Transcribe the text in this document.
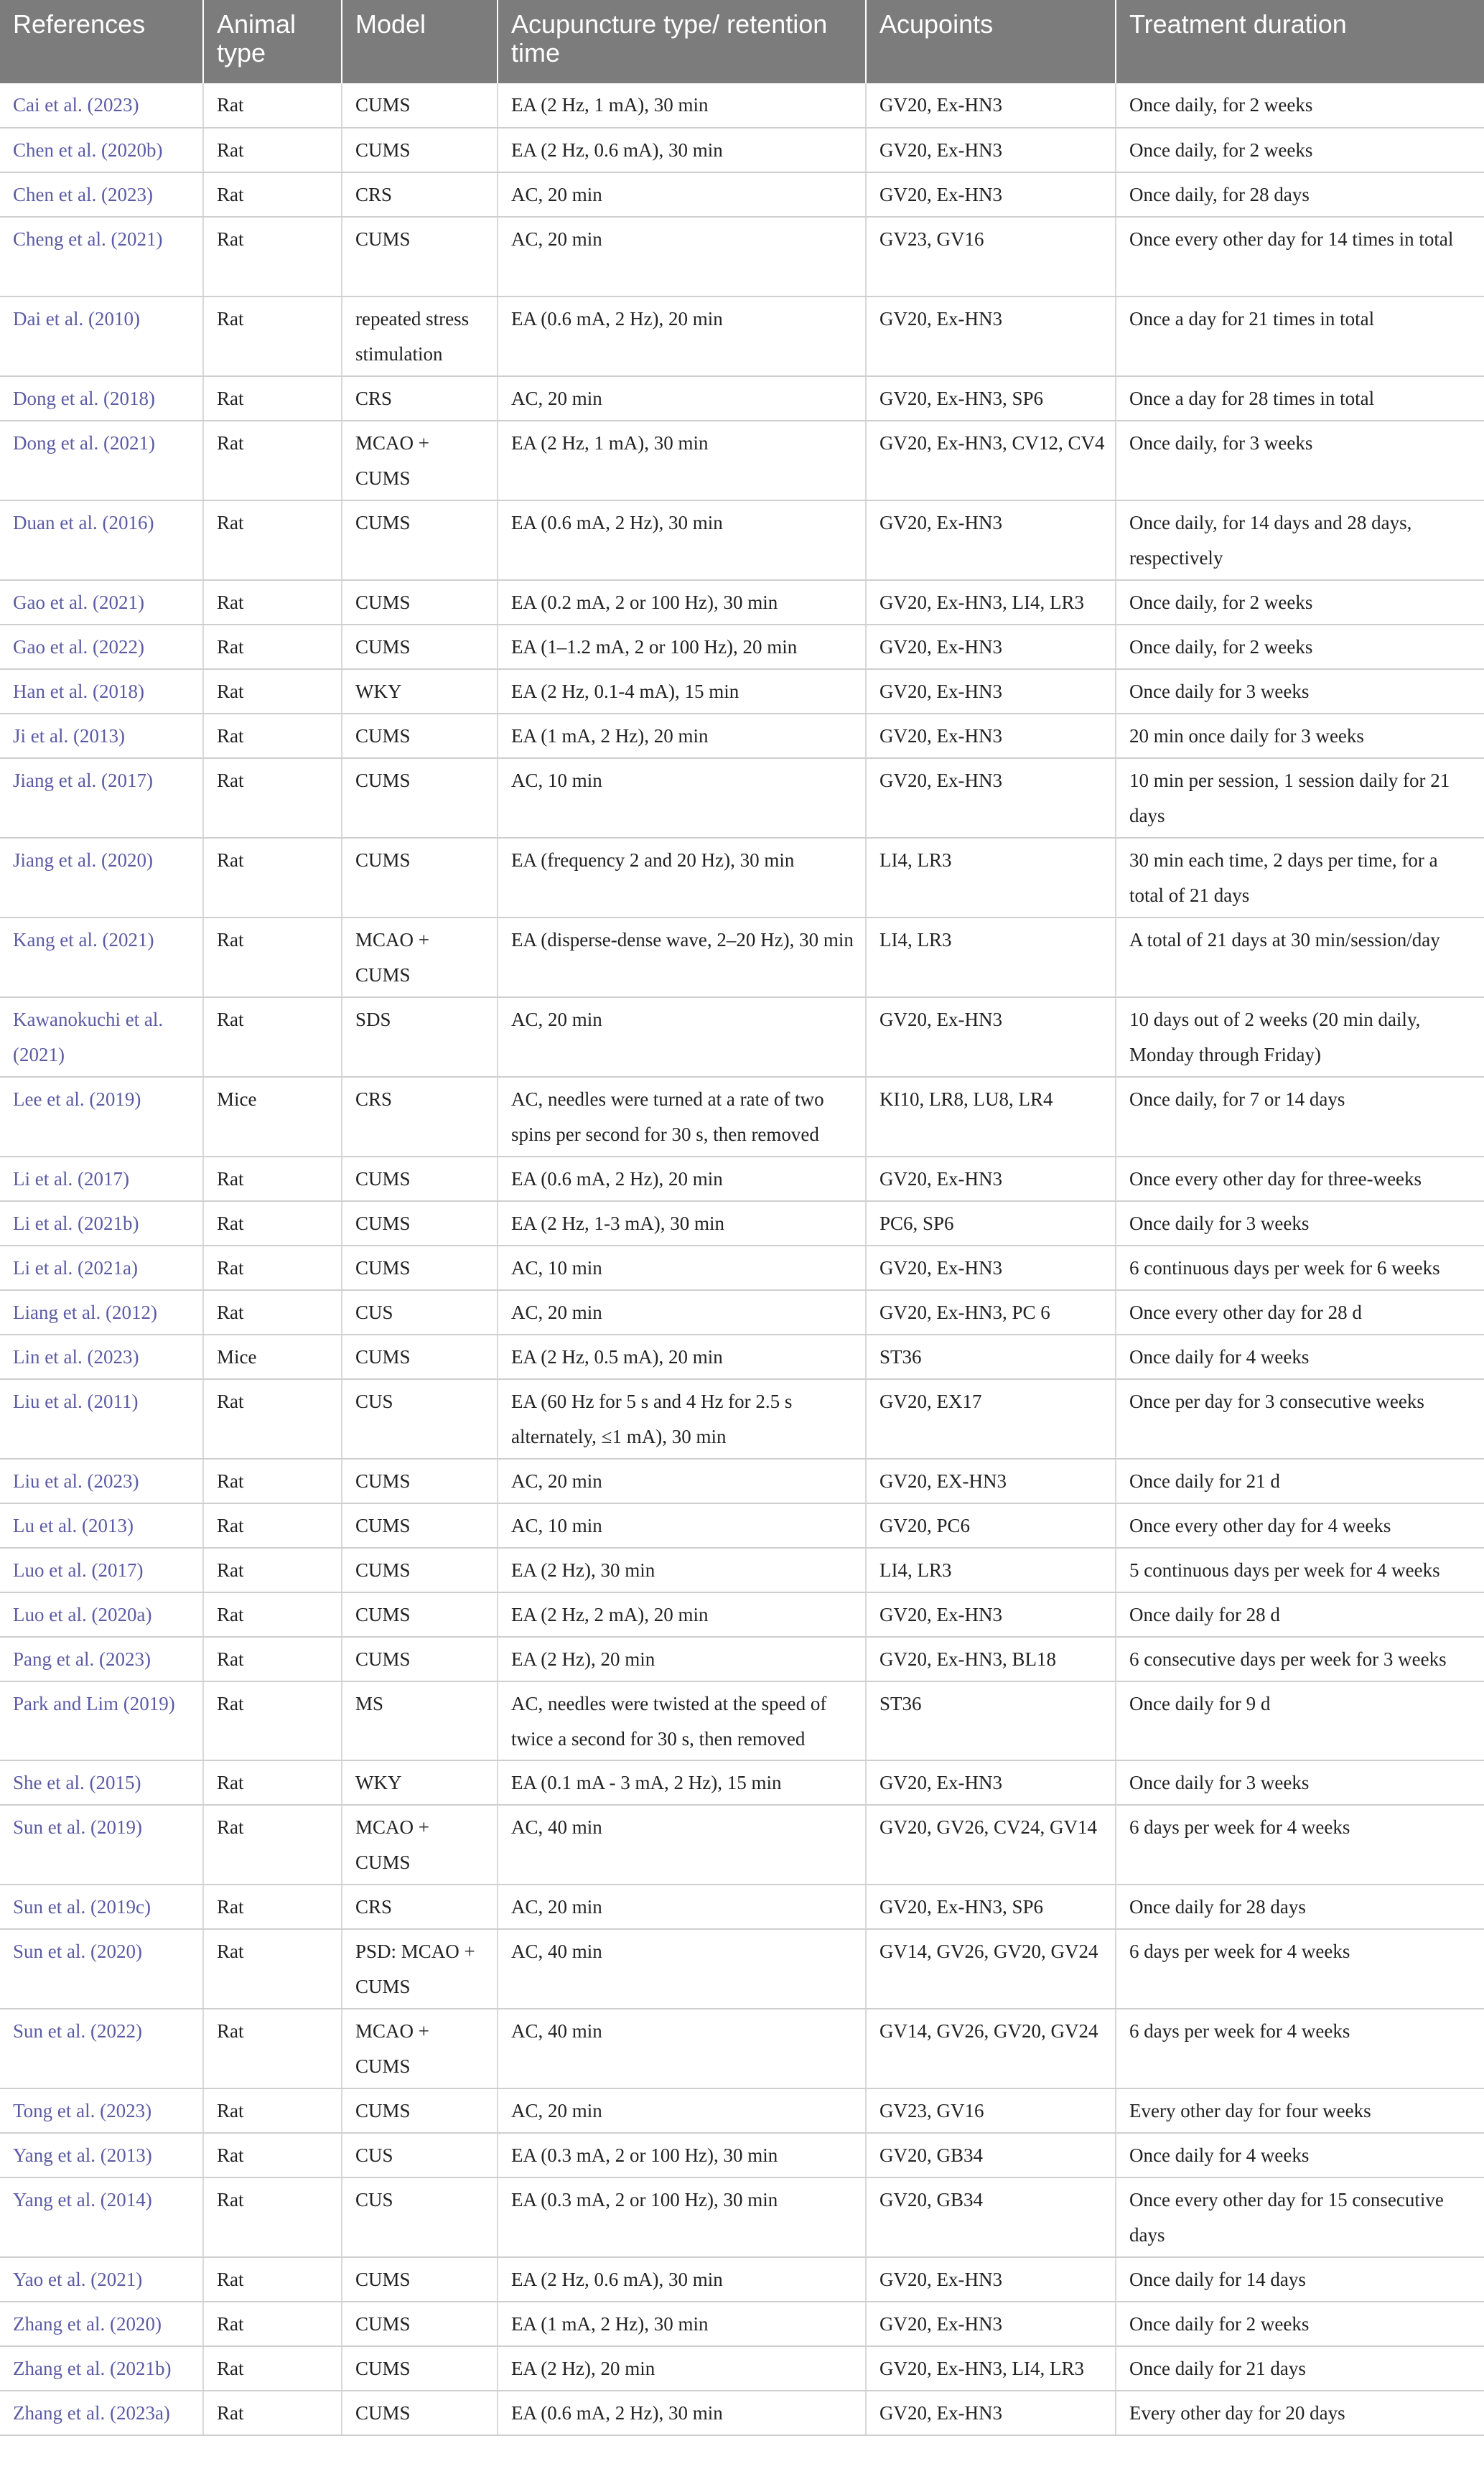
References	Animal type	Model	Acupuncture type/ retention time	Acupoints	Treatment duration
Cai et al. (2023)	Rat	CUMS	EA (2 Hz, 1 mA), 30 min	GV20, Ex-HN3	Once daily, for 2 weeks
Chen et al. (2020b)	Rat	CUMS	EA (2 Hz, 0.6 mA), 30 min	GV20, Ex-HN3	Once daily, for 2 weeks
Chen et al. (2023)	Rat	CRS	AC, 20 min	GV20, Ex-HN3	Once daily, for 28 days
Cheng et al. (2021)	Rat	CUMS	AC, 20 min	GV23, GV16	Once every other day for 14 times in total
Dai et al. (2010)	Rat	repeated stress stimulation	EA (0.6 mA, 2 Hz), 20 min	GV20, Ex-HN3	Once a day for 21 times in total
Dong et al. (2018)	Rat	CRS	AC, 20 min	GV20, Ex-HN3, SP6	Once a day for 28 times in total
Dong et al. (2021)	Rat	MCAO + CUMS	EA (2 Hz, 1 mA), 30 min	GV20, Ex-HN3, CV12, CV4	Once daily, for 3 weeks
Duan et al. (2016)	Rat	CUMS	EA (0.6 mA, 2 Hz), 30 min	GV20, Ex-HN3	Once daily, for 14 days and 28 days, respectively
Gao et al. (2021)	Rat	CUMS	EA (0.2 mA, 2 or 100 Hz), 30 min	GV20, Ex-HN3, LI4, LR3	Once daily, for 2 weeks
Gao et al. (2022)	Rat	CUMS	EA (1–1.2 mA, 2 or 100 Hz), 20 min	GV20, Ex-HN3	Once daily, for 2 weeks
Han et al. (2018)	Rat	WKY	EA (2 Hz, 0.1-4 mA), 15 min	GV20, Ex-HN3	Once daily for 3 weeks
Ji et al. (2013)	Rat	CUMS	EA (1 mA, 2 Hz), 20 min	GV20, Ex-HN3	20 min once daily for 3 weeks
Jiang et al. (2017)	Rat	CUMS	AC, 10 min	GV20, Ex-HN3	10 min per session, 1 session daily for 21 days
Jiang et al. (2020)	Rat	CUMS	EA (frequency 2 and 20 Hz), 30 min	LI4, LR3	30 min each time, 2 days per time, for a total of 21 days
Kang et al. (2021)	Rat	MCAO + CUMS	EA (disperse-dense wave, 2–20 Hz), 30 min	LI4, LR3	A total of 21 days at 30 min/session/day
Kawanokuchi et al. (2021)	Rat	SDS	AC, 20 min	GV20, Ex-HN3	10 days out of 2 weeks (20 min daily, Monday through Friday)
Lee et al. (2019)	Mice	CRS	AC, needles were turned at a rate of two spins per second for 30 s, then removed	KI10, LR8, LU8, LR4	Once daily, for 7 or 14 days
Li et al. (2017)	Rat	CUMS	EA (0.6 mA, 2 Hz), 20 min	GV20, Ex-HN3	Once every other day for three-weeks
Li et al. (2021b)	Rat	CUMS	EA (2 Hz, 1-3 mA), 30 min	PC6, SP6	Once daily for 3 weeks
Li et al. (2021a)	Rat	CUMS	AC, 10 min	GV20, Ex-HN3	6 continuous days per week for 6 weeks
Liang et al. (2012)	Rat	CUS	AC, 20 min	GV20, Ex-HN3, PC 6	Once every other day for 28 d
Lin et al. (2023)	Mice	CUMS	EA (2 Hz, 0.5 mA), 20 min	ST36	Once daily for 4 weeks
Liu et al. (2011)	Rat	CUS	EA (60 Hz for 5 s and 4 Hz for 2.5 s alternately, ≤1 mA), 30 min	GV20, EX17	Once per day for 3 consecutive weeks
Liu et al. (2023)	Rat	CUMS	AC, 20 min	GV20, EX-HN3	Once daily for 21 d
Lu et al. (2013)	Rat	CUMS	AC, 10 min	GV20, PC6	Once every other day for 4 weeks
Luo et al. (2017)	Rat	CUMS	EA (2 Hz), 30 min	LI4, LR3	5 continuous days per week for 4 weeks
Luo et al. (2020a)	Rat	CUMS	EA (2 Hz, 2 mA), 20 min	GV20, Ex-HN3	Once daily for 28 d
Pang et al. (2023)	Rat	CUMS	EA (2 Hz), 20 min	GV20, Ex-HN3, BL18	6 consecutive days per week for 3 weeks
Park and Lim (2019)	Rat	MS	AC, needles were twisted at the speed of twice a second for 30 s, then removed	ST36	Once daily for 9 d
She et al. (2015)	Rat	WKY	EA (0.1 mA - 3 mA, 2 Hz), 15 min	GV20, Ex-HN3	Once daily for 3 weeks
Sun et al. (2019)	Rat	MCAO + CUMS	AC, 40 min	GV20, GV26, CV24, GV14	6 days per week for 4 weeks
Sun et al. (2019c)	Rat	CRS	AC, 20 min	GV20, Ex-HN3, SP6	Once daily for 28 days
Sun et al. (2020)	Rat	PSD: MCAO + CUMS	AC, 40 min	GV14, GV26, GV20, GV24	6 days per week for 4 weeks
Sun et al. (2022)	Rat	MCAO + CUMS	AC, 40 min	GV14, GV26, GV20, GV24	6 days per week for 4 weeks
Tong et al. (2023)	Rat	CUMS	AC, 20 min	GV23, GV16	Every other day for four weeks
Yang et al. (2013)	Rat	CUS	EA (0.3 mA, 2 or 100 Hz), 30 min	GV20, GB34	Once daily for 4 weeks
Yang et al. (2014)	Rat	CUS	EA (0.3 mA, 2 or 100 Hz), 30 min	GV20, GB34	Once every other day for 15 consecutive days
Yao et al. (2021)	Rat	CUMS	EA (2 Hz, 0.6 mA), 30 min	GV20, Ex-HN3	Once daily for 14 days
Zhang et al. (2020)	Rat	CUMS	EA (1 mA, 2 Hz), 30 min	GV20, Ex-HN3	Once daily for 2 weeks
Zhang et al. (2021b)	Rat	CUMS	EA (2 Hz), 20 min	GV20, Ex-HN3, LI4, LR3	Once daily for 21 days
Zhang et al. (2023a)	Rat	CUMS	EA (0.6 mA, 2 Hz), 30 min	GV20, Ex-HN3	Every other day for 20 days
